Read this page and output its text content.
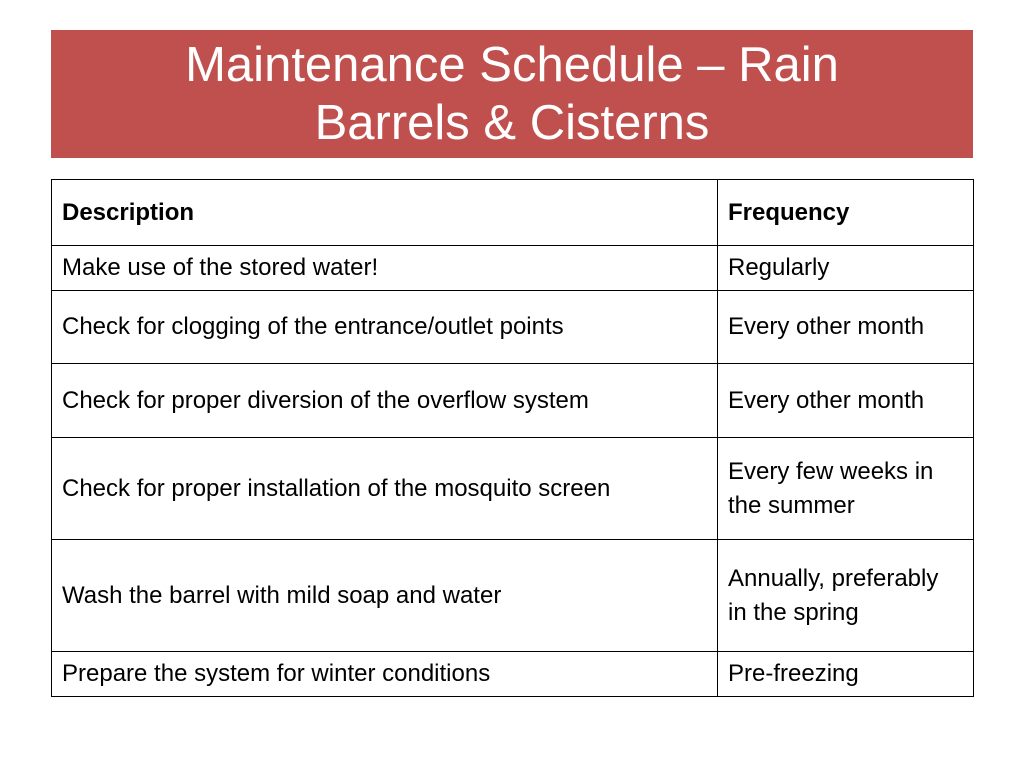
Maintenance Schedule – Rain
Barrels & Cisterns
Description	Frequency
Make use of the stored water!	Regularly
Check for clogging of the entrance/outlet points	Every other month
Check for proper diversion of the overflow system	Every other month

Check for proper installation of the mosquito screen	Every few weeks in the summer
Wash the barrel with mild soap and water	Annually, preferably in the spring
Prepare the system for winter conditions	Pre-freezing
